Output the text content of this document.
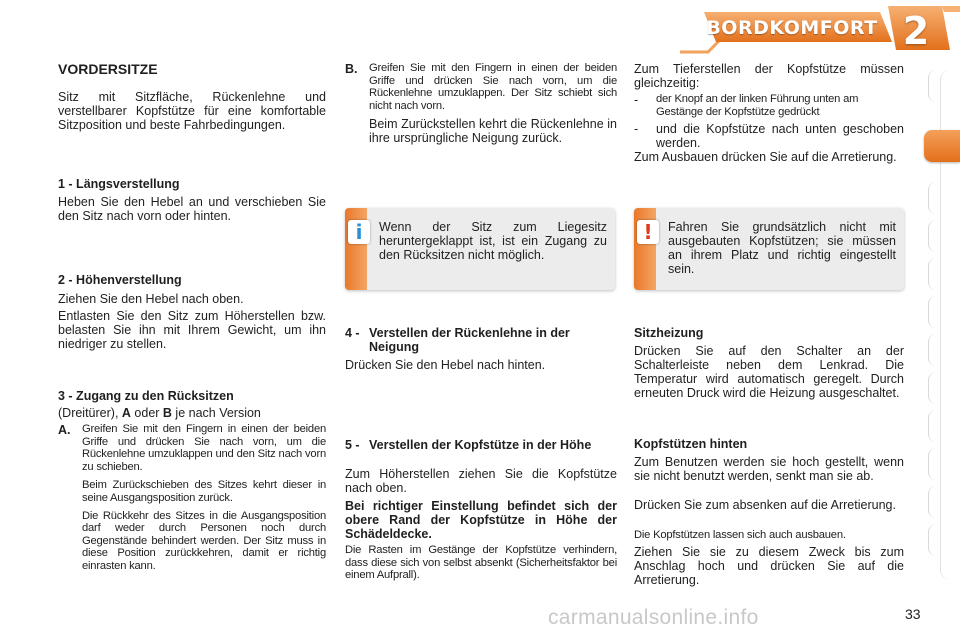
BORDKOMFORT 2
VORDERSITZE
Sitz mit Sitzfläche, Rückenlehne und verstellbarer Kopfstütze für eine komfortable Sitzposition und beste Fahrbedingungen.
1 - Längsverstellung
Heben Sie den Hebel an und verschieben Sie den Sitz nach vorn oder hinten.
2 - Höhenverstellung
Ziehen Sie den Hebel nach oben.
Entlasten Sie den Sitz zum Höherstellen bzw. belasten Sie ihn mit Ihrem Gewicht, um ihn niedriger zu stellen.
3 - Zugang zu den Rücksitzen
(Dreitürer), A oder B je nach Version
A.	Greifen Sie mit den Fingern in einen der beiden Griffe und drücken Sie nach vorn, um die Rückenlehne umzuklappen und den Sitz nach vorn zu schieben.
Beim Zurückschieben des Sitzes kehrt dieser in seine Ausgangsposition zurück.
Die Rückkehr des Sitzes in die Ausgangsposition darf weder durch Personen noch durch Gegenstände behindert werden. Der Sitz muss in diese Position zurückkehren, damit er richtig einrasten kann.
B.	Greifen Sie mit den Fingern in einen der beiden Griffe und drücken Sie nach vorn, um die Rückenlehne umzuklappen. Der Sitz schiebt sich nicht nach vorn.
Beim Zurückstellen kehrt die Rückenlehne in ihre ursprüngliche Neigung zurück.
i	Wenn der Sitz zum Liegesitz heruntergeklappt ist, ist ein Zugang zu den Rücksitzen nicht möglich.
4 - Verstellen der Rückenlehne in der Neigung
Drücken Sie den Hebel nach hinten.
5 - Verstellen der Kopfstütze in der Höhe
Zum Höherstellen ziehen Sie die Kopfstütze nach oben.
Bei richtiger Einstellung befindet sich der obere Rand der Kopfstütze in Höhe der Schädeldecke.
Die Rasten im Gestänge der Kopfstütze verhindern, dass diese sich von selbst absenkt (Sicherheitsfaktor bei einem Aufprall).
Zum Tieferstellen der Kopfstütze müssen gleichzeitig:
-	der Knopf an der linken Führung unten am Gestänge der Kopfstütze gedrückt
-	und die Kopfstütze nach unten geschoben werden.
Zum Ausbauen drücken Sie auf die Arretierung.
!	Fahren Sie grundsätzlich nicht mit ausgebauten Kopfstützen; sie müssen an ihrem Platz und richtig eingestellt sein.
Sitzheizung
Drücken Sie auf den Schalter an der Schalterleiste neben dem Lenkrad. Die Temperatur wird automatisch geregelt. Durch erneuten Druck wird die Heizung ausgeschaltet.
Kopfstützen hinten
Zum Benutzen werden sie hoch gestellt, wenn sie nicht benutzt werden, senkt man sie ab.
Drücken Sie zum absenken auf die Arretierung.
Die Kopfstützen lassen sich auch ausbauen.
Ziehen Sie sie zu diesem Zweck bis zum Anschlag hoch und drücken Sie auf die Arretierung.
carmanualsonline.info	33
